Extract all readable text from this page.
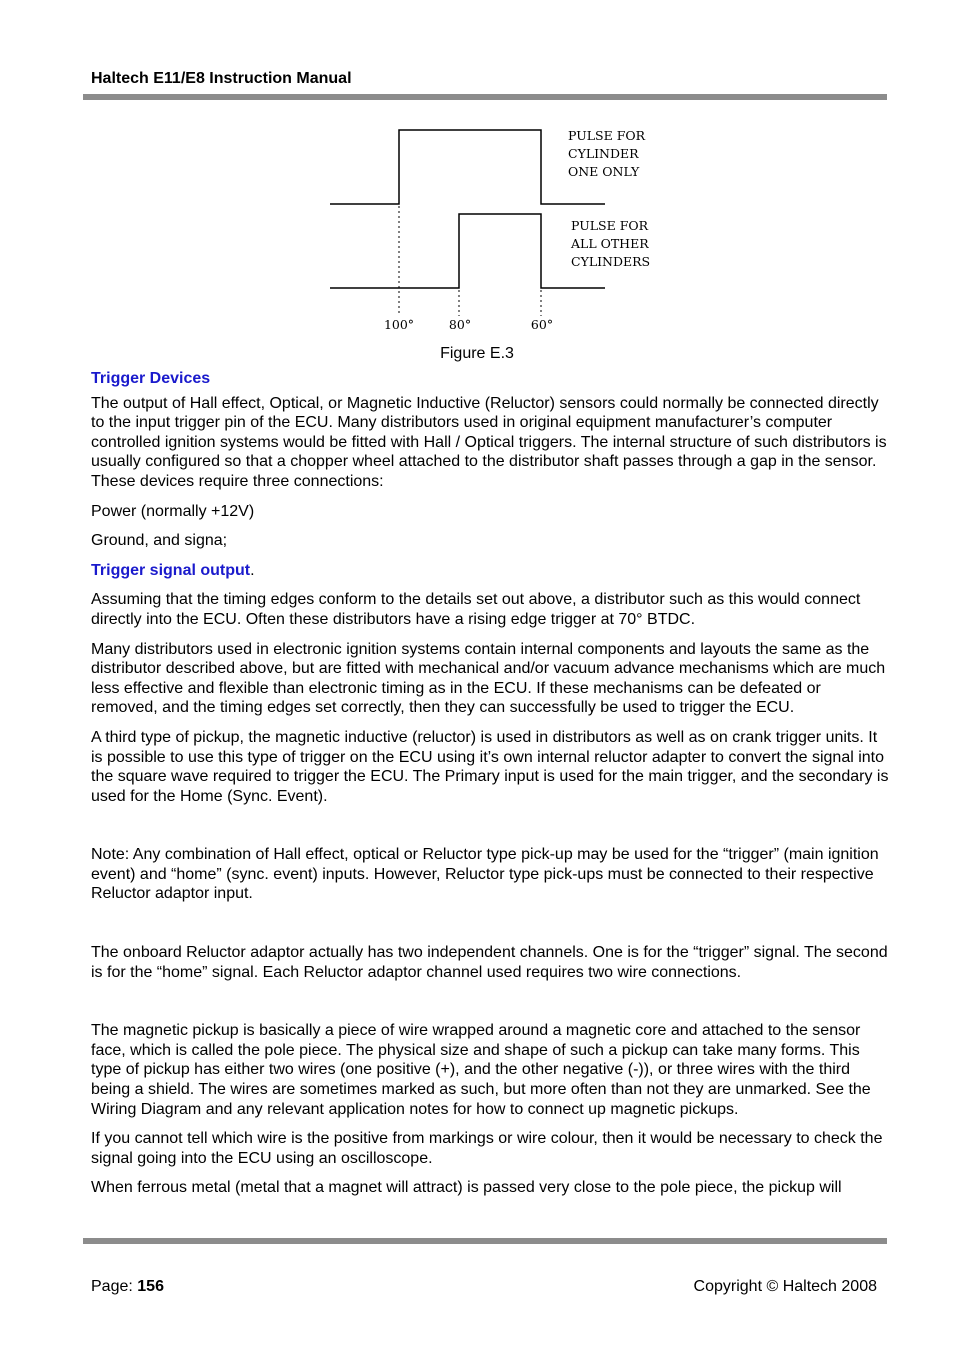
Haltech E11/E8 Instruction Manual
PULSE FOR
CYLINDER
ONE ONLY
PULSE FOR
ALL OTHER
CYLINDERS
100°	80°	60°
Figure E.3

Trigger Devices

The output of Hall effect, Optical, or Magnetic Inductive (Reluctor) sensors could normally be connected directly to the input trigger pin of the ECU. Many distributors used in original equipment manufacturer’s computer controlled ignition systems would be fitted with Hall / Optical triggers. The internal structure of such distributors is usually configured so that a chopper wheel attached to the distributor shaft passes through a gap in the sensor. These devices require three connections:

Power (normally +12V)

Ground, and signa;

Trigger signal output.

Assuming that the timing edges conform to the details set out above, a distributor such as this would connect directly into the ECU. Often these distributors have a rising edge trigger at 70° BTDC.

Many distributors used in electronic ignition systems contain internal components and layouts the same as the distributor described above, but are fitted with mechanical and/or vacuum advance mechanisms which are much less effective and flexible than electronic timing as in the ECU. If these mechanisms can be defeated or removed, and the timing edges set correctly, then they can successfully be used to trigger the ECU.

A third type of pickup, the magnetic inductive (reluctor) is used in distributors as well as on crank trigger units. It is possible to use this type of trigger on the ECU using it’s own internal reluctor adapter to convert the signal into the square wave required to trigger the ECU. The Primary input is used for the main trigger, and the secondary is used for the Home (Sync. Event).

Note: Any combination of Hall effect, optical or Reluctor type pick-up may be used for the “trigger” (main ignition event) and “home” (sync. event) inputs. However, Reluctor type pick-ups must be connected to their respective Reluctor adaptor input.

The onboard Reluctor adaptor actually has two independent channels. One is for the “trigger” signal. The second is for the “home” signal. Each Reluctor adaptor channel used requires two wire connections.

The magnetic pickup is basically a piece of wire wrapped around a magnetic core and attached to the sensor face, which is called the pole piece. The physical size and shape of such a pickup can take many forms. This type of pickup has either two wires (one positive (+), and the other negative (-)), or three wires with the third being a shield. The wires are sometimes marked as such, but more often than not they are unmarked. See the Wiring Diagram and any relevant application notes for how to connect up magnetic pickups.

If you cannot tell which wire is the positive from markings or wire colour, then it would be necessary to check the signal going into the ECU using an oscilloscope.

When ferrous metal (metal that a magnet will attract) is passed very close to the pole piece, the pickup will

Page: 156	Copyright © Haltech 2008
